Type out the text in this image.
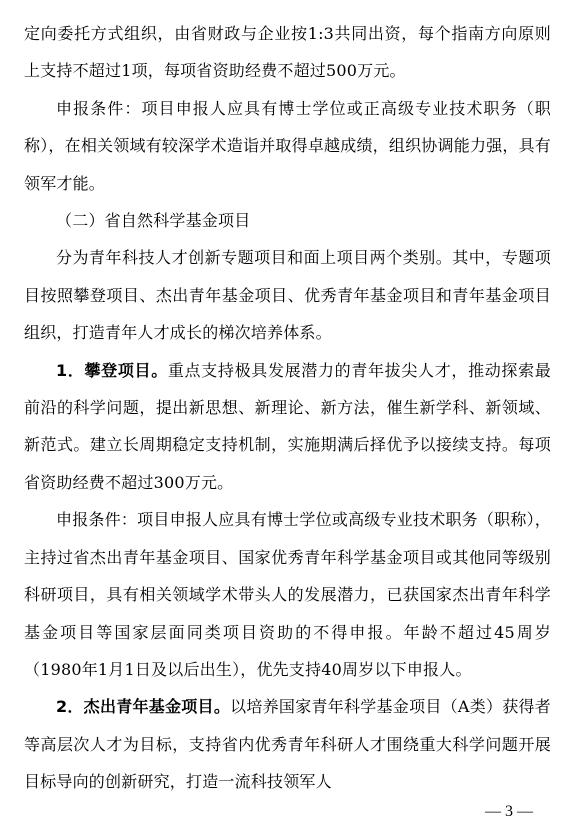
定向委托方式组织，由省财政与企业按1:3共同出资，每个指南方向原则上支持不超过1项，每项省资助经费不超过500万元。

申报条件：项目申报人应具有博士学位或正高级专业技术职务（职称），在相关领域有较深学术造诣并取得卓越成绩，组织协调能力强，具有领军才能。

（二）省自然科学基金项目

分为青年科技人才创新专题项目和面上项目两个类别。其中，专题项目按照攀登项目、杰出青年基金项目、优秀青年基金项目和青年基金项目组织，打造青年人才成长的梯次培养体系。

1．攀登项目。重点支持极具发展潜力的青年拔尖人才，推动探索最前沿的科学问题，提出新思想、新理论、新方法，催生新学科、新领域、新范式。建立长周期稳定支持机制，实施期满后择优予以接续支持。每项省资助经费不超过300万元。

申报条件：项目申报人应具有博士学位或高级专业技术职务（职称），主持过省杰出青年基金项目、国家优秀青年科学基金项目或其他同等级别科研项目，具有相关领域学术带头人的发展潜力，已获国家杰出青年科学基金项目等国家层面同类项目资助的不得申报。年龄不超过45周岁（1980年1月1日及以后出生），优先支持40周岁以下申报人。

2．杰出青年基金项目。以培养国家青年科学基金项目（A类）获得者等高层次人才为目标，支持省内优秀青年科研人才围绕重大科学问题开展目标导向的创新研究，打造一流科技领军人

— 3 —
